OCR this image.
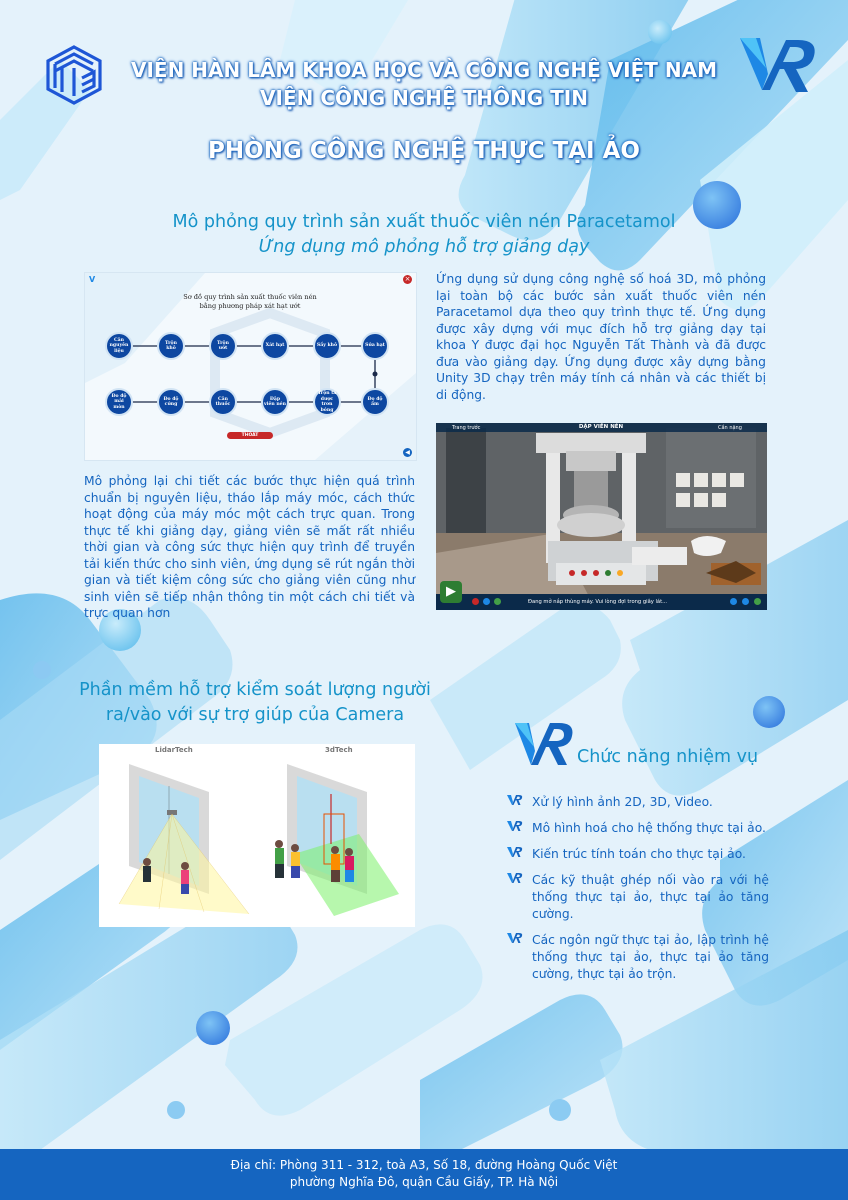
VIỆN HÀN LÂM KHOA HỌC VÀ CÔNG NGHỆ VIỆT NAM
VIỆN CÔNG NGHỆ THÔNG TIN
PHÒNG CÔNG NGHỆ THỰC TẠI ẢO
Mô phỏng quy trình sản xuất thuốc viên nén Paracetamol
Ứng dụng mô phỏng hỗ trợ giảng dạy
V	×
Sơ đồ quy trình sản xuất thuốc viên nén
bằng phương pháp xát hạt ướt
Cân nguyên liệu
Trộn khô
Trộn ướt
Xát hạt	Sấy khô	Sửa hạt
Đo độ mài mòn
Đo độ cứng
Cân thuốc
Đập viên nén
Trộn tá dược trơn bóng
Đo độ ẩm
THOÁT
◀
Ứng dụng sử dụng công nghệ số hoá 3D, mô phỏng lại toàn bộ các bước sản xuất thuốc viên nén Paracetamol dựa theo quy trình thực tế. Ứng dụng được xây dựng với mục đích hỗ trợ giảng dạy tại khoa Y được đại học Nguyễn Tất Thành và đã được đưa vào giảng dạy. Ứng dụng được xây dựng bằng Unity 3D chạy trên máy tính cá nhân và các thiết bị di động.
Mô phỏng lại chi tiết các bước thực hiện quá trình chuẩn bị nguyên liệu, tháo lắp máy móc, cách thức hoạt động của máy móc một cách trực quan. Trong thực tế khi giảng dạy, giảng viên sẽ mất rất nhiều thời gian và công sức thực hiện quy trình để truyền tải kiến thức cho sinh viên, ứng dụng sẽ rút ngắn thời gian và tiết kiệm công sức cho giảng viên cũng như sinh viên sẽ tiếp nhận thông tin một cách chi tiết và trực quan hơn
Trang trước	DẬP VIÊN NÉN	Cần nặng
▶
Đang mở nắp thùng máy. Vui lòng đợi trong giây lát...
Phần mềm hỗ trợ kiểm soát lượng người
ra/vào với sự trợ giúp của Camera
LidarTech	3dTech	Chức năng nhiệm vụ
Xử lý hình ảnh 2D, 3D, Video.
Mô hình hoá cho hệ thống thực tại ảo.
Kiến trúc tính toán cho thực tại ảo.
Các kỹ thuật ghép nối vào ra với hệ thống thực tại ảo, thực tại ảo tăng cường.
Các ngôn ngữ thực tại ảo, lập trình hệ thống thực tại ảo, thực tại ảo tăng cường, thực tại ảo trộn.
Địa chỉ: Phòng 311 - 312, toà A3, Số 18, đường Hoàng Quốc Việt
phường Nghĩa Đô, quận Cầu Giấy, TP. Hà Nội
